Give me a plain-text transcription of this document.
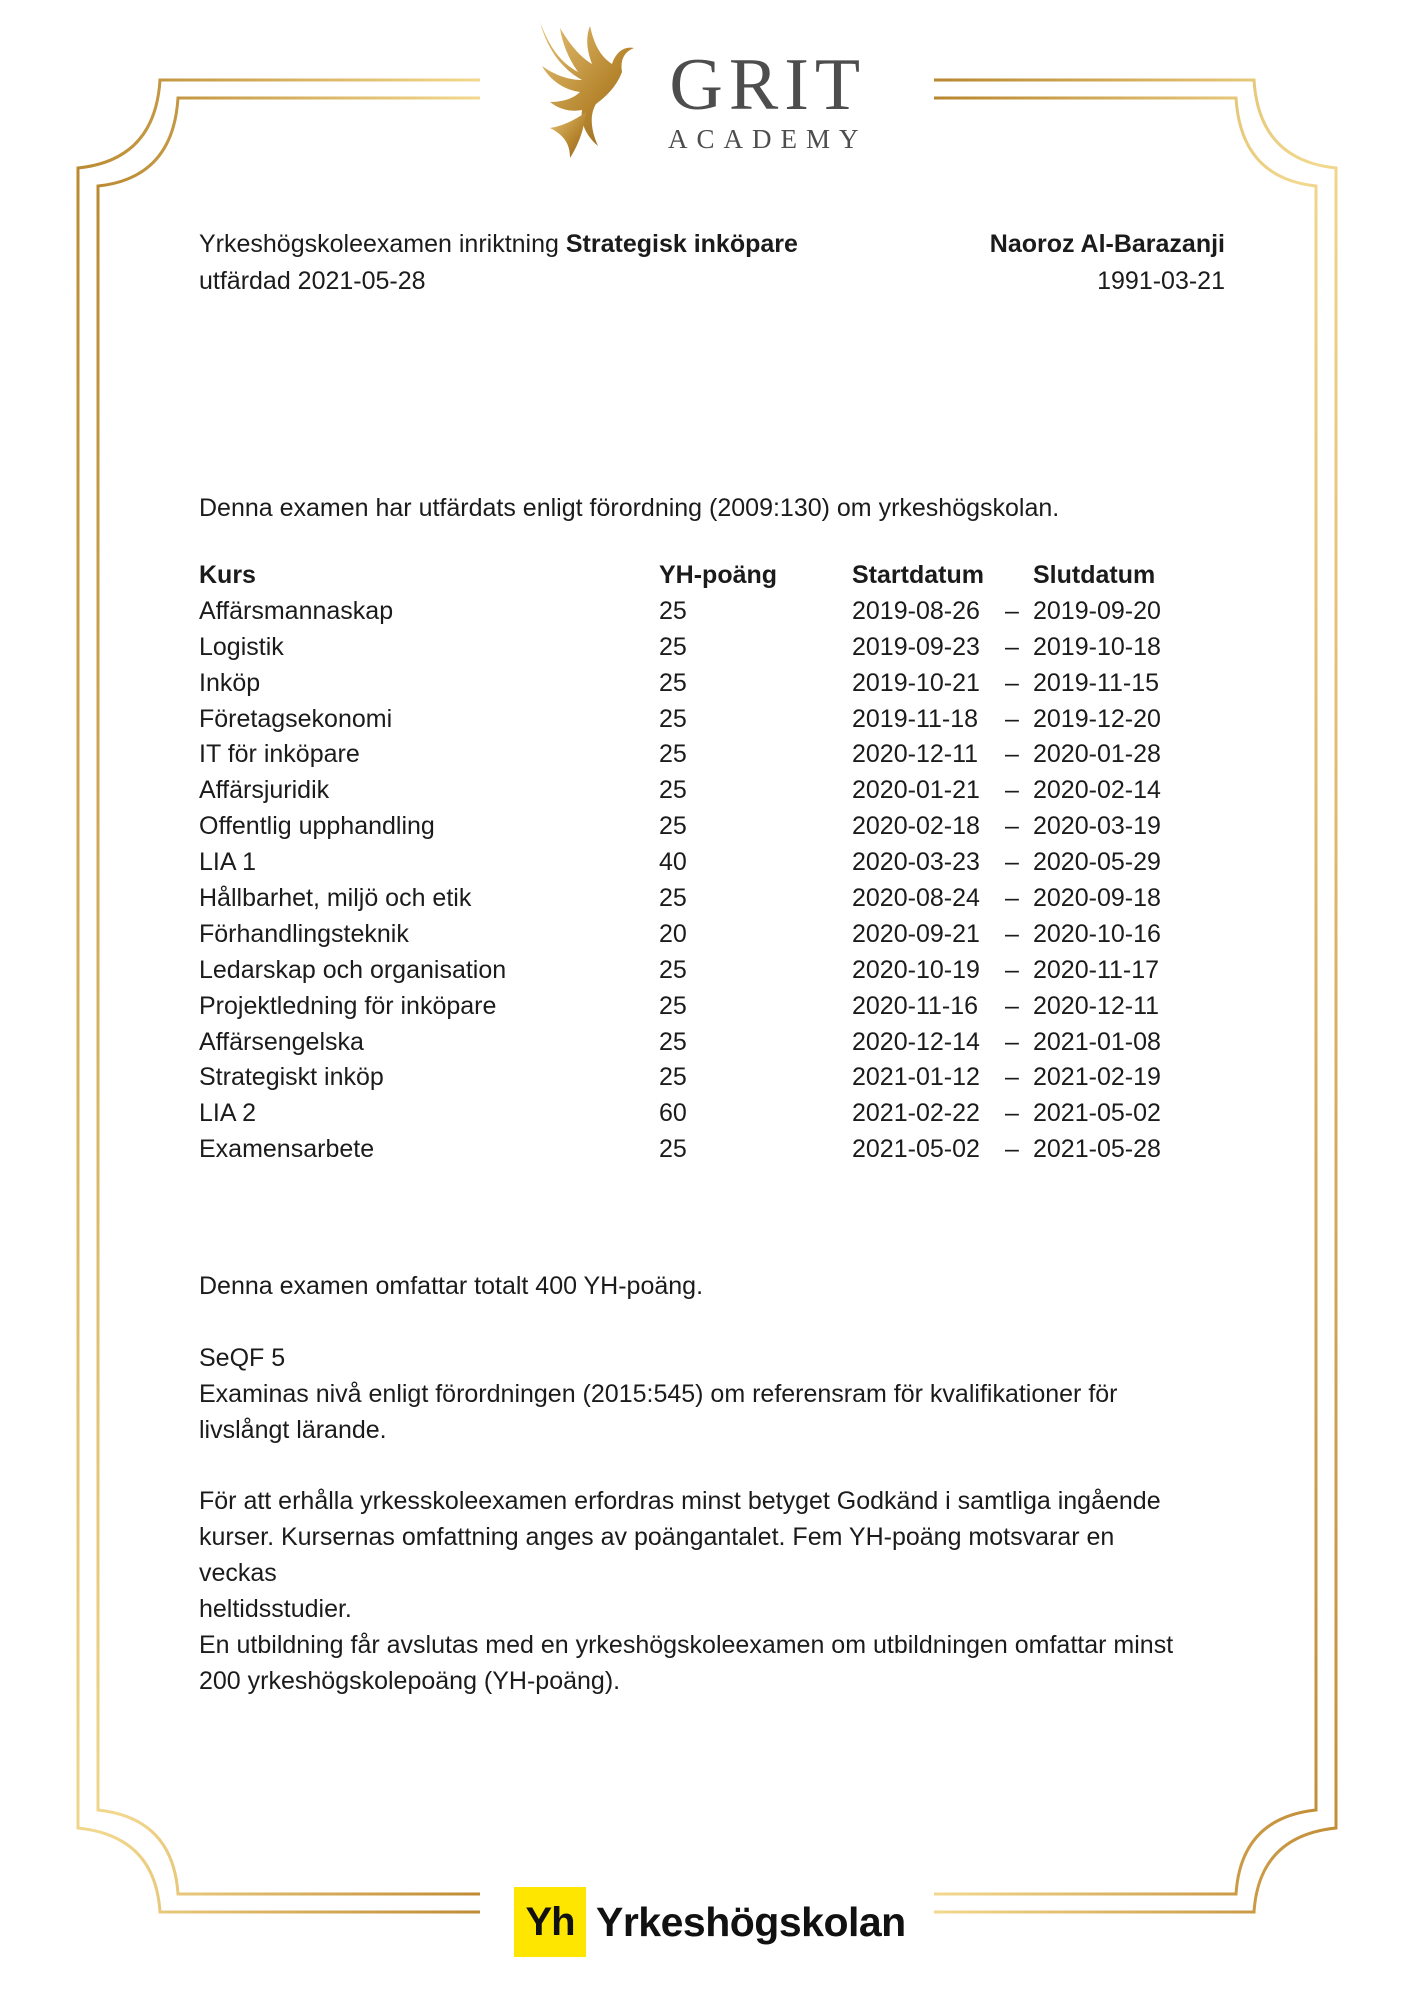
GRIT
ACADEMY
Yrkeshögskoleexamen inriktning Strategisk inköpare
utfärdad 2021-05-28
Naoroz Al-Barazanji
1991-03-21
Denna examen har utfärdats enligt förordning (2009:130) om yrkeshögskolan.
Kurs	YH-poäng	Startdatum Slutdatum
Affärsmannaskap	25	2019-08-26 – 2019-09-20
Logistik	25	2019-09-23 – 2019-10-18
Inköp	25	2019-10-21 – 2019-11-15
Företagsekonomi	25	2019-11-18 – 2019-12-20
IT för inköpare	25	2020-12-11 – 2020-01-28
Affärsjuridik	25	2020-01-21 – 2020-02-14
Offentlig upphandling	25	2020-02-18 – 2020-03-19
LIA 1	40	2020-03-23 – 2020-05-29
Hållbarhet, miljö och etik	25	2020-08-24 – 2020-09-18
Förhandlingsteknik	20	2020-09-21 – 2020-10-16
Ledarskap och organisation	25	2020-10-19 – 2020-11-17
Projektledning för inköpare	25	2020-11-16 – 2020-12-11
Affärsengelska	25	2020-12-14 – 2021-01-08
Strategiskt inköp	25	2021-01-12 – 2021-02-19
LIA 2	60	2021-02-22 – 2021-05-02
Examensarbete	25	2021-05-02 – 2021-05-28
Denna examen omfattar totalt 400 YH-poäng.
SeQF 5
Examinas nivå enligt förordningen (2015:545) om referensram för kvalifikationer för
livslångt lärande.
För att erhålla yrkesskoleexamen erfordras minst betyget Godkänd i samtliga ingående
kurser. Kursernas omfattning anges av poängantalet. Fem YH-poäng motsvarar en veckas
heltidsstudier.
En utbildning får avslutas med en yrkeshögskoleexamen om utbildningen omfattar minst
200 yrkeshögskolepoäng (YH-poäng).
Yh Yrkeshögskolan
